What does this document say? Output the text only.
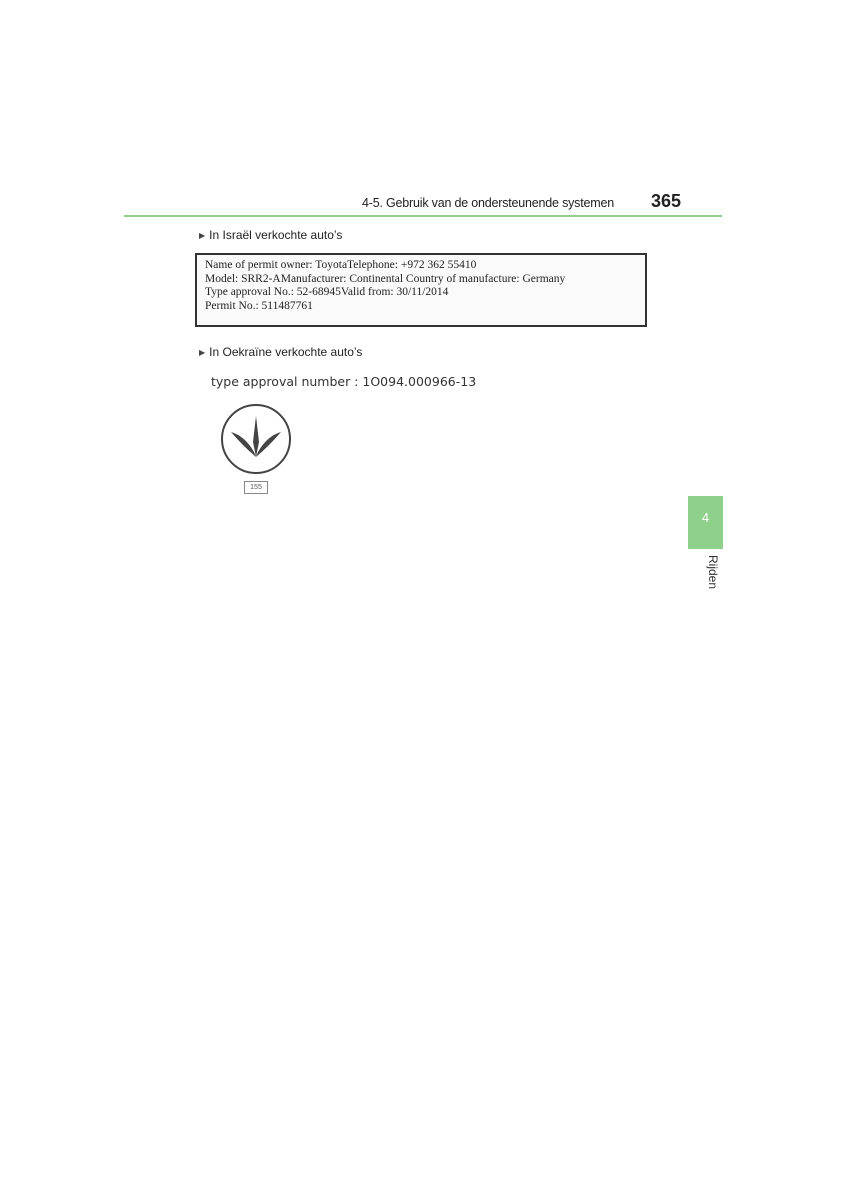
4-5. Gebruik van de ondersteunende systemen 365
▶ In Israël verkochte auto’s
Name of permit owner: ToyotaTelephone: +972 362 55410
Model: SRR2-AManufacturer: Continental Country of manufacture: Germany
Type approval No.: 52-68945Valid from: 30/11/2014
Permit No.: 511487761
▶ In Oekraïne verkochte auto’s
type approval number : 1O094.000966-13
155
4
Rijden
